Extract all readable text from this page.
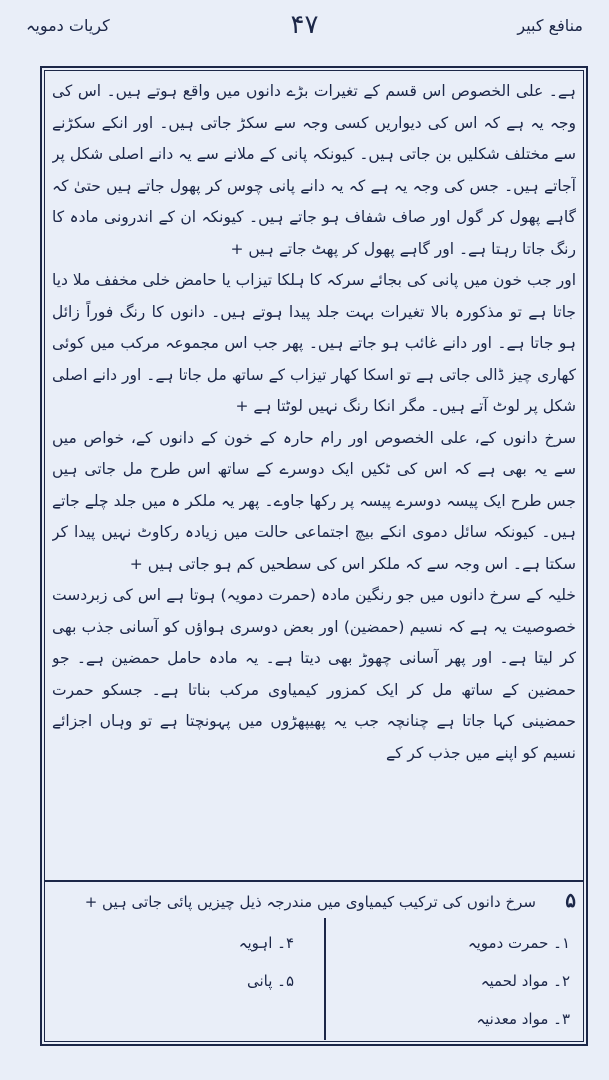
منافع کبیر
۴۷
کریات دمویہ

ہے۔ علی الخصوص اس قسم کے تغیرات بڑے دانوں میں واقع ہوتے ہیں۔ اس کی وجہ یہ ہے کہ اس کی دیواریں کسی وجہ سے سکڑ جاتی ہیں۔ اور انکے سکڑنے سے مختلف شکلیں بن جاتی ہیں۔ کیونکہ پانی کے ملانے سے یہ دانے اصلی شکل پر آجاتے ہیں۔ جس کی وجہ یہ ہے کہ یہ دانے پانی چوس کر پھول جاتے ہیں حتیٰ کہ گاہے پھول کر گول اور صاف شفاف ہو جاتے ہیں۔ کیونکہ ان کے اندرونی مادہ کا رنگ جاتا رہتا ہے۔ اور گاہے پھول کر پھٹ جاتے ہیں +

اور جب خون میں پانی کی بجائے سرکہ کا ہلکا تیزاب یا حامض خلی مخفف ملا دیا جاتا ہے تو مذکورہ بالا تغیرات بہت جلد پیدا ہوتے ہیں۔ دانوں کا رنگ فوراً زائل ہو جاتا ہے۔ اور دانے غائب ہو جاتے ہیں۔ پھر جب اس مجموعہ مرکب میں کوئی کھاری چیز ڈالی جاتی ہے تو اسکا کھار تیزاب کے ساتھ مل جاتا ہے۔ اور دانے اصلی شکل پر لوٹ آتے ہیں۔ مگر انکا رنگ نہیں لوٹتا ہے +

سرخ دانوں کے، علی الخصوص اور رام حارہ کے خون کے دانوں کے، خواص میں سے یہ بھی ہے کہ اس کی ٹکیں ایک دوسرے کے ساتھ اس طرح مل جاتی ہیں جس طرح ایک پیسہ دوسرے پیسہ پر رکھا جاوے۔ پھر یہ ملکر ہ میں جلد چلے جاتے ہیں۔ کیونکہ سائل دموی انکے بیچ اجتماعی حالت میں زیادہ رکاوٹ نہیں پیدا کر سکتا ہے۔ اس وجہ سے کہ ملکر اس کی سطحیں کم ہو جاتی ہیں +

خلیہ کے سرخ دانوں میں جو رنگین مادہ (حمرت دمویہ) ہوتا ہے اس کی زبردست خصوصیت یہ ہے کہ نسیم (حمضین) اور بعض دوسری ہواؤں کو آسانی جذب بھی کر لیتا ہے۔ اور پھر آسانی چھوڑ بھی دیتا ہے۔ یہ مادہ حامل حمضین ہے۔ جو حمضین کے ساتھ مل کر ایک کمزور کیمیاوی مرکب بناتا ہے۔ جسکو حمرت حمضینی کہا جاتا ہے چنانچہ جب یہ پھیپھڑوں میں پہونچتا ہے تو وہاں اجزائے نسیم کو اپنے میں جذب کر کے

۵
سرخ دانوں کی ترکیب کیمیاوی میں مندرجہ ذیل چیزیں پائی جاتی ہیں +
۱۔ حمرت دمویہ
۲۔ مواد لحمیہ
۳۔ مواد معدنیہ
۴۔ اہویہ
۵۔ پانی
